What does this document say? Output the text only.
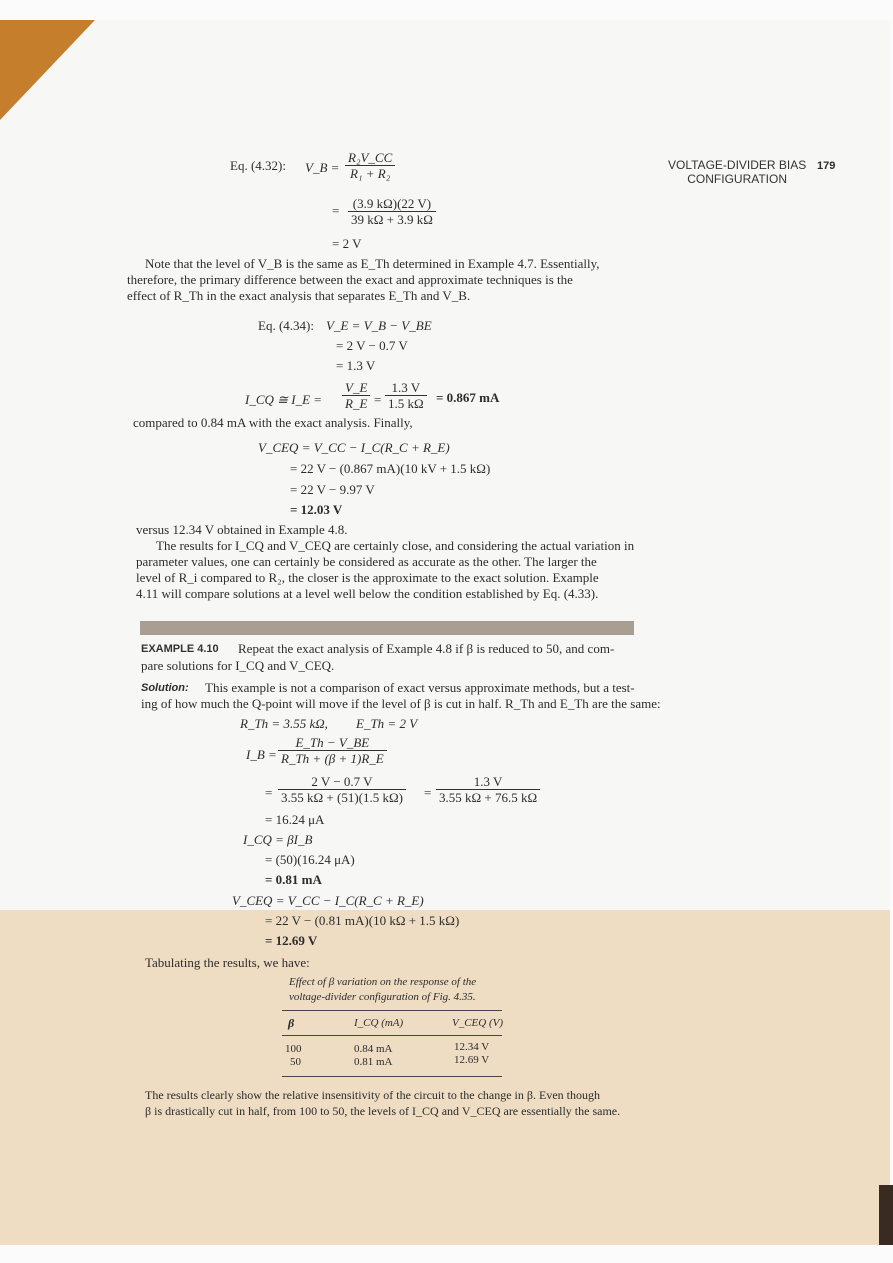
VOLTAGE-DIVIDER BIAS
CONFIGURATION
179
Eq. (4.32): V_B = $\frac{\text{R₂V\_CC}}{\text{R₁ + R₂}}$
= $\frac{(3.9 k\Omega)(22 V)}{39 k\Omega + 3.9 k\Omega}$
= 2 V
Note that the level of V_B is the same as E_Th determined in Example 4.7. Essentially,
therefore, the primary difference between the exact and approximate techniques is the
effect of R_Th in the exact analysis that separates E_Th and V_B.
Eq. (4.34): V_E = V_B − V_BE
= 2 V − 0.7 V
= 1.3 V
I_CQ ≅ I_E = $\frac{V\_E}{R\_E} = \frac{1.3 V}{1.5 k\Omega} = 0.867$ mA
compared to 0.84 mA with the exact analysis. Finally,
V_CEQ = V_CC − I_C(R_C + R_E)
= 22 V − (0.867 mA)(10 kV + 1.5 kΩ)
= 22 V − 9.97 V
= 12.03 V
versus 12.34 V obtained in Example 4.8.
The results for I_CQ and V_CEQ are certainly close, and considering the actual variation in
parameter values, one can certainly be considered as accurate as the other. The larger the
level of R_i compared to R₂, the closer is the approximate to the exact solution. Example
4.11 will compare solutions at a level well below the condition established by Eq. (4.33).
EXAMPLE 4.10 Repeat the exact analysis of Example 4.8 if β is reduced to 50, and com-
pare solutions for I_CQ and V_CEQ.
Solution: This example is not a comparison of exact versus approximate methods, but a test-
ing of how much the Q-point will move if the level of β is cut in half. R_Th and E_Th are the same:
R_Th = 3.55 kΩ, E_Th = 2 V
I_B = $\frac{E\_Th - V\_BE}{R\_Th + (\beta + 1)R\_E}$
= $\frac{2 V - 0.7 V}{3.55 k\Omega + (51)(1.5 k\Omega)} = \frac{1.3 V}{3.55 k\Omega + 76.5 k\Omega}$
= 16.24 μA
I_CQ = βI_B
= (50)(16.24 μA)
= 0.81 mA
V_CEQ = V_CC − I_C(R_C + R_E)
= 22 V − (0.81 mA)(10 kΩ + 1.5 kΩ)
= 12.69 V
Tabulating the results, we have:
Effect of β variation on the response of the
voltage-divider configuration of Fig. 4.35.
β	I_CQ (mA)	V_CEQ (V)
100	0.84 mA	12.34 V
50	0.81 mA	12.69 V
The results clearly show the relative insensitivity of the circuit to the change in β. Even though
β is drastically cut in half, from 100 to 50, the levels of I_CQ and V_CEQ are essentially the same.
